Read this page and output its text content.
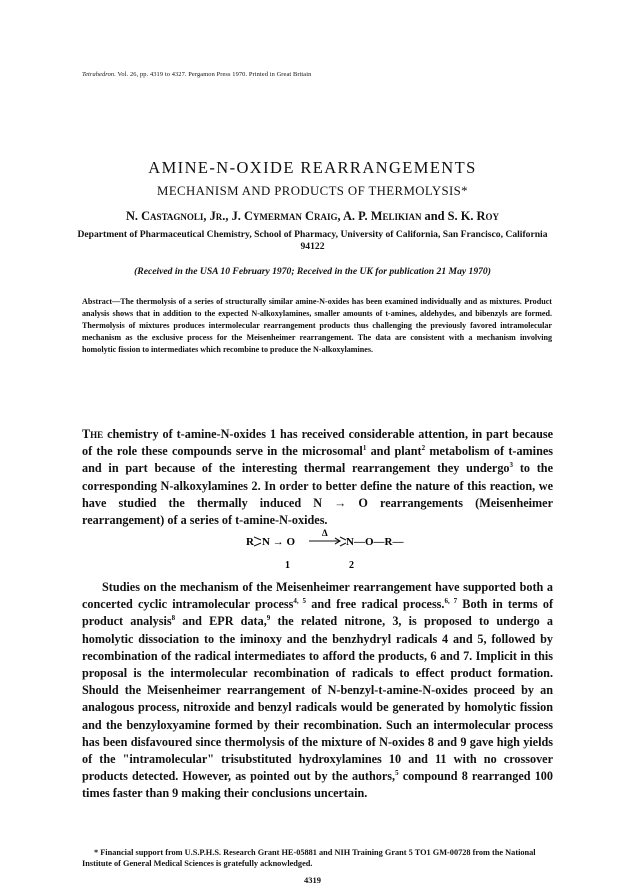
Tetrahedron. Vol. 26, pp. 4319 to 4327. Pergamon Press 1970. Printed in Great Britain
AMINE-N-OXIDE REARRANGEMENTS
MECHANISM AND PRODUCTS OF THERMOLYSIS*
N. Castagnoli, Jr., J. Cymerman Craig, A. P. Melikian and S. K. Roy
Department of Pharmaceutical Chemistry, School of Pharmacy, University of California, San Francisco, California 94122
(Received in the USA 10 February 1970; Received in the UK for publication 21 May 1970)
Abstract—The thermolysis of a series of structurally similar amine-N-oxides has been examined individually and as mixtures. Product analysis shows that in addition to the expected N-alkoxylamines, smaller amounts of t-amines, aldehydes, and bibenzyls are formed. Thermolysis of mixtures produces intermolecular rearrangement products thus challenging the previously favored intramolecular mechanism as the exclusive process for the Meisenheimer rearrangement. The data are consistent with a mechanism involving homolytic fission to intermediates which recombine to produce the N-alkoxylamines.
The chemistry of t-amine-N-oxides 1 has received considerable attention, in part because of the role these compounds serve in the microsomal$^1$ and plant$^2$ metabolism of t-amines and in part because of the interesting thermal rearrangement they undergo$^3$ to the corresponding N-alkoxylamines 2. In order to better define the nature of this reaction, we have studied the thermally induced N → O rearrangements (Meisenheimer rearrangement) of a series of t-amine-N-oxides.
R N → O
Δ
N—O—R—
1	2
Studies on the mechanism of the Meisenheimer rearrangement have supported both a concerted cyclic intramolecular process$^{4, 5}$ and free radical process.$^{6, 7}$ Both in terms of product analysis$^8$ and EPR data,$^9$ the related nitrone, 3, is proposed to undergo a homolytic dissociation to the iminoxy and the benzhydryl radicals 4 and 5, followed by recombination of the radical intermediates to afford the products, 6 and 7. Implicit in this proposal is the intermolecular recombination of radicals to effect product formation. Should the Meisenheimer rearrangement of N-benzyl-t-amine-N-oxides proceed by an analogous process, nitroxide and benzyl radicals would be generated by homolytic fission and the benzyloxyamine formed by their recombination. Such an intermolecular process has been disfavoured since thermolysis of the mixture of N-oxides 8 and 9 gave high yields of the "intramolecular" trisubstituted hydroxylamines 10 and 11 with no crossover products detected. However, as pointed out by the authors,$^5$ compound 8 rearranged 100 times faster than 9 making their conclusions uncertain.
* Financial support from U.S.P.H.S. Research Grant HE-05881 and NIH Training Grant 5 TO1 GM-00728 from the National Institute of General Medical Sciences is gratefully acknowledged.
4319
